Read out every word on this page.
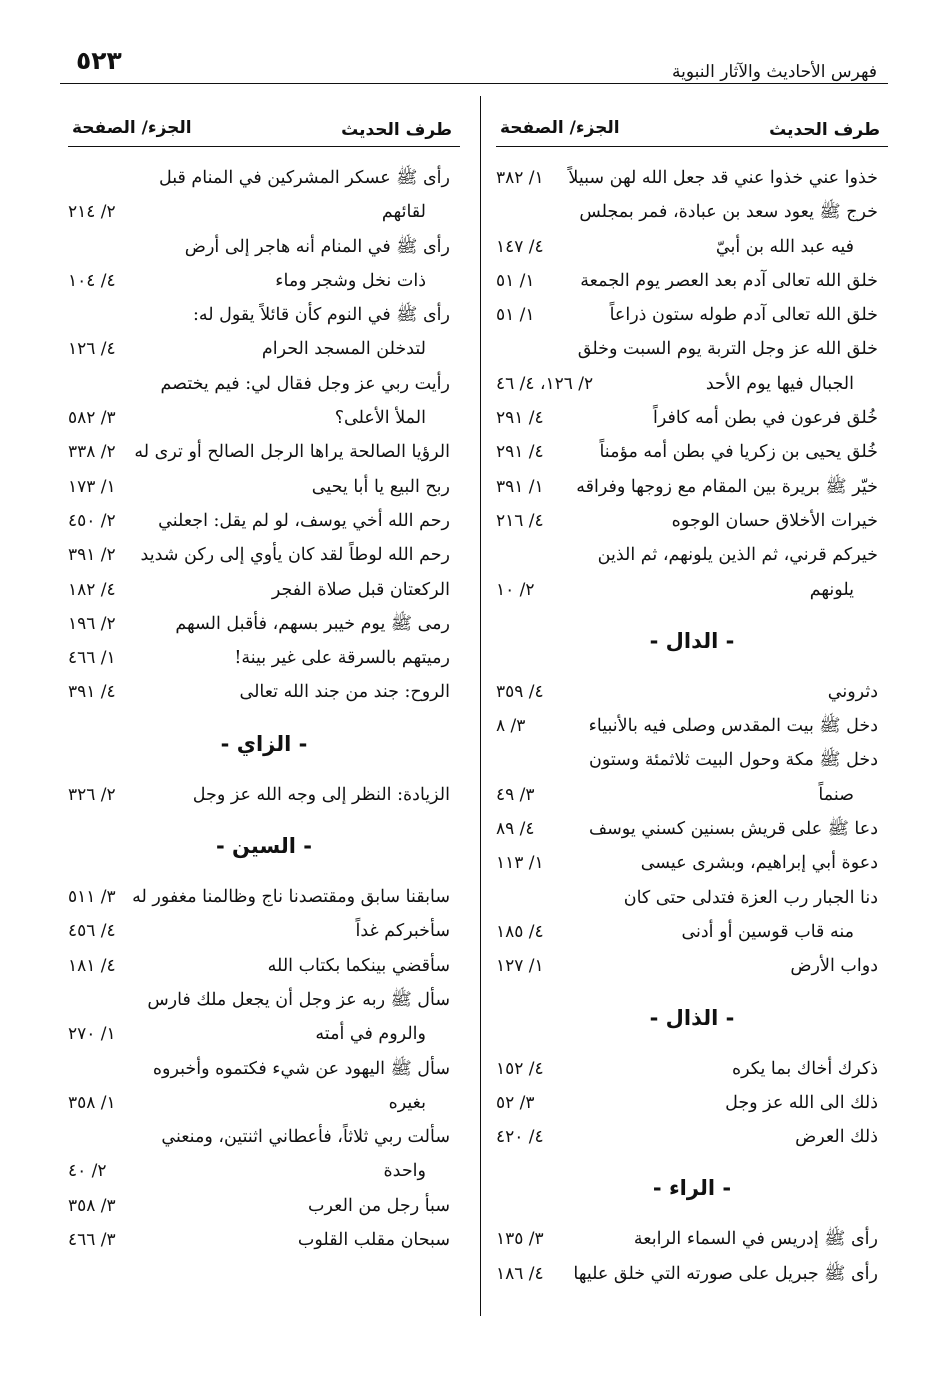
فهرس الأحاديث والآثار النبوية
٥٢٣
طرف الحديث
الجزء/ الصفحة
خذوا عني خذوا عني قد جعل الله لهن سبيلاً
١/ ٣٨٢
خرج ﷺ يعود سعد بن عبادة، فمر بمجلس
فيه عبد الله بن أبيّ
٤/ ١٤٧
خلق الله تعالى آدم بعد العصر يوم الجمعة
١/ ٥١
خلق الله تعالى آدم طوله ستون ذراعاً
١/ ٥١
خلق الله عز وجل التربة يوم السبت وخلق
الجبال فيها يوم الأحد
٢/ ١٢٦، ٤/ ٤٦
خُلق فرعون في بطن أمه كافراً
٤/ ٢٩١
خُلق يحيى بن زكريا في بطن أمه مؤمناً
٤/ ٢٩١
خيّر ﷺ بريرة بين المقام مع زوجها وفراقه
١/ ٣٩١
خيرات الأخلاق حسان الوجوه
٤/ ٢١٦
خيركم قرني، ثم الذين يلونهم، ثم الذين
يلونهم
٢/ ١٠
- الدال -
دثروني
٤/ ٣٥٩
دخل ﷺ بيت المقدس وصلى فيه بالأنبياء
٣/ ٨
دخل ﷺ مكة وحول البيت ثلاثمئة وستون
صنماً
٣/ ٤٩
دعا ﷺ على قريش بسنين كسني يوسف
٤/ ٨٩
دعوة أبي إبراهيم، وبشرى عيسى
١/ ١١٣
دنا الجبار رب العزة فتدلى حتى كان
منه قاب قوسين أو أدنى
٤/ ١٨٥
دواب الأرض
١/ ١٢٧
- الذال -
ذكرك أخاك بما يكره
٤/ ١٥٢
ذلك الى الله عز وجل
٣/ ٥٢
ذلك العرض
٤/ ٤٢٠
- الراء -
رأى ﷺ إدريس في السماء الرابعة
٣/ ١٣٥
رأى ﷺ جبريل على صورته التي خلق عليها
٤/ ١٨٦
طرف الحديث
الجزء/ الصفحة
رأى ﷺ عسكر المشركين في المنام قبل
لقائهم
٢/ ٢١٤
رأى ﷺ في المنام أنه هاجر إلى أرض
ذات نخل وشجر وماء
٤/ ١٠٤
رأى ﷺ في النوم كأن قائلاً يقول له:
لتدخلن المسجد الحرام
٤/ ١٢٦
رأيت ربي عز وجل فقال لي: فيم يختصم
الملأ الأعلى؟
٣/ ٥٨٢
الرؤيا الصالحة يراها الرجل الصالح أو ترى له
٢/ ٣٣٨
ربح البيع يا أبا يحيى
١/ ١٧٣
رحم الله أخي يوسف، لو لم يقل: اجعلني
٢/ ٤٥٠
رحم الله لوطاً لقد كان يأوي إلى ركن شديد
٢/ ٣٩١
الركعتان قبل صلاة الفجر
٤/ ١٨٢
رمى ﷺ يوم خيبر بسهم، فأقبل السهم
٢/ ١٩٦
رميتهم بالسرقة على غير بينة!
١/ ٤٦٦
الروح: جند من جند الله تعالى
٤/ ٣٩١
- الزاي -
الزيادة: النظر إلى وجه الله عز وجل
٢/ ٣٢٦
- السين -
سابقنا سابق ومقتصدنا ناج وظالمنا مغفور له
٣/ ٥١١
سأخبركم غداً
٤/ ٤٥٦
سأقضي بينكما بكتاب الله
٤/ ١٨١
سأل ﷺ ربه عز وجل أن يجعل ملك فارس
والروم في أمته
١/ ٢٧٠
سأل ﷺ اليهود عن شيء فكتموه وأخبروه
بغيره
١/ ٣٥٨
سألت ربي ثلاثاً، فأعطاني اثنتين، ومنعني
واحدة
٢/ ٤٠
سبأ رجل من العرب
٣/ ٣٥٨
سبحان مقلب القلوب
٣/ ٤٦٦
